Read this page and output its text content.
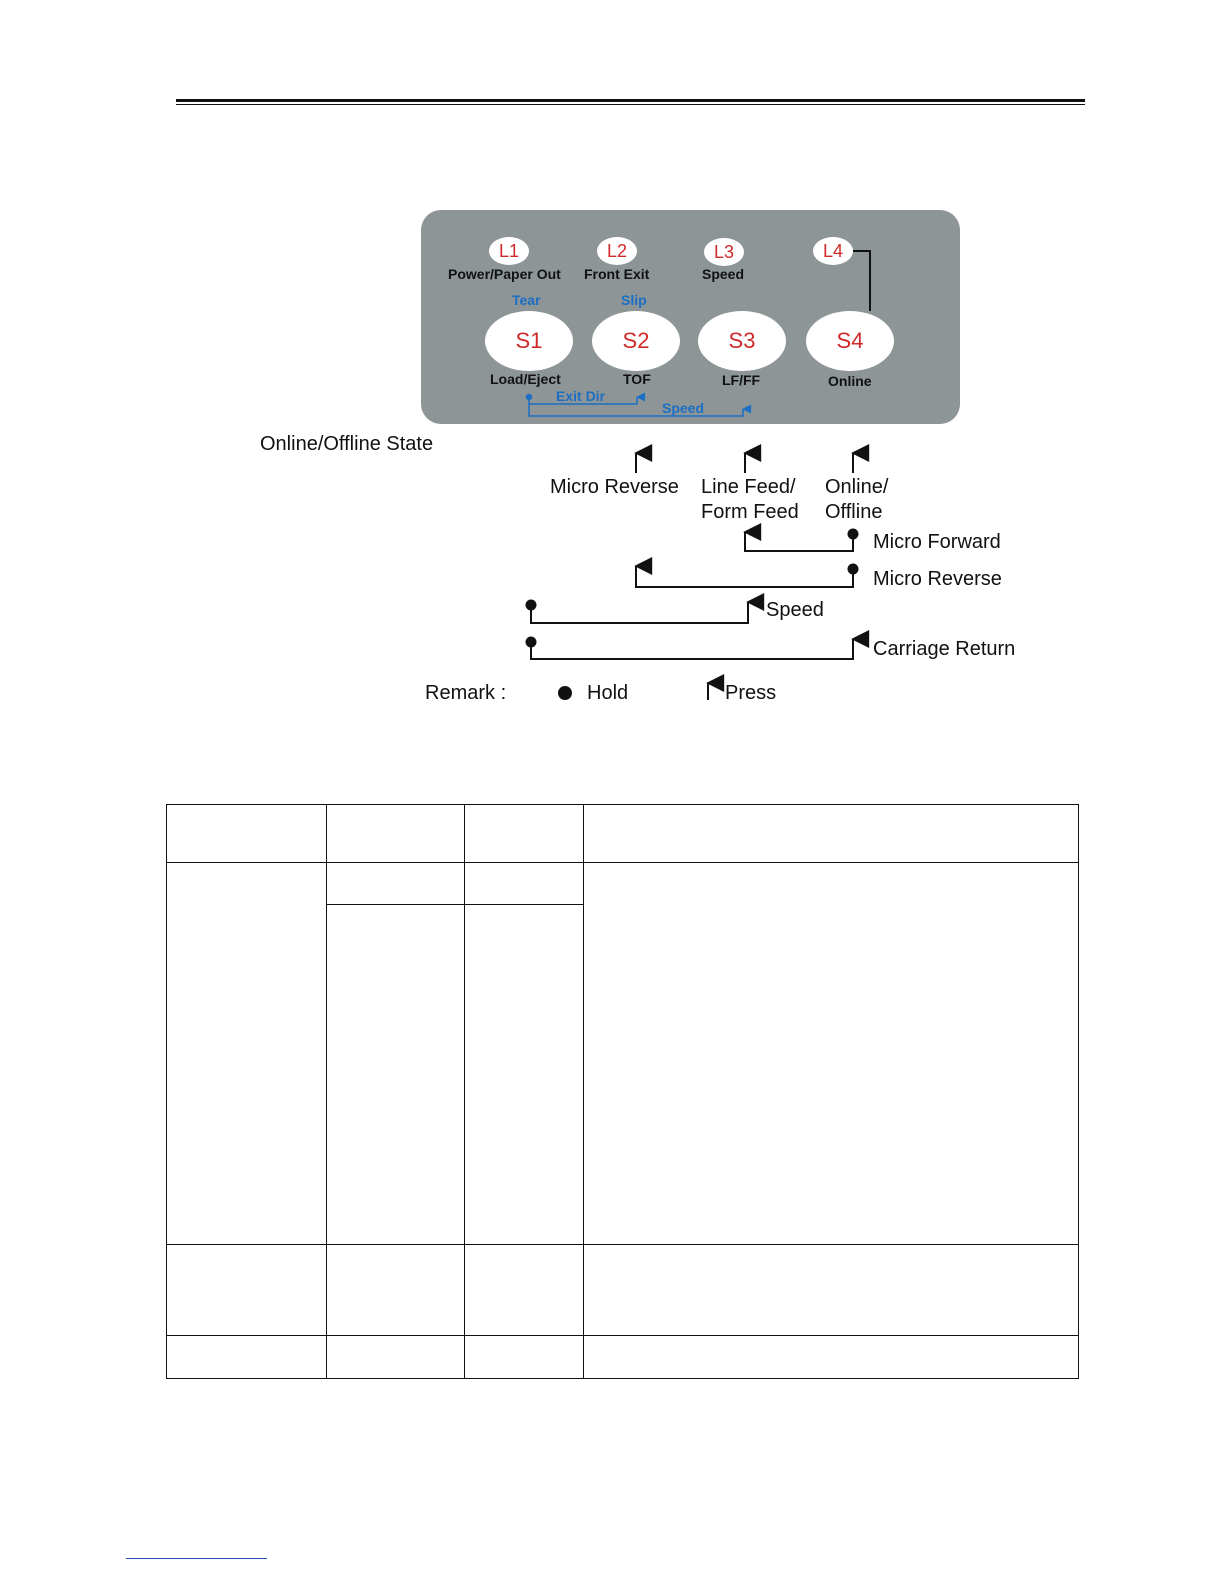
L1	L2	L3	L4
Power/Paper Out Front Exit	Speed
Tear	Slip
S1	S2	S3	S4
Load/Eject	TOF	LF/FF	Online
Exit Dir
Speed
Online/Offline State
Micro Reverse Line Feed/
Form Feed
Online/
Offline
Micro Forward
Micro Reverse
Speed
Carriage Return
Remark :	Hold	Press
